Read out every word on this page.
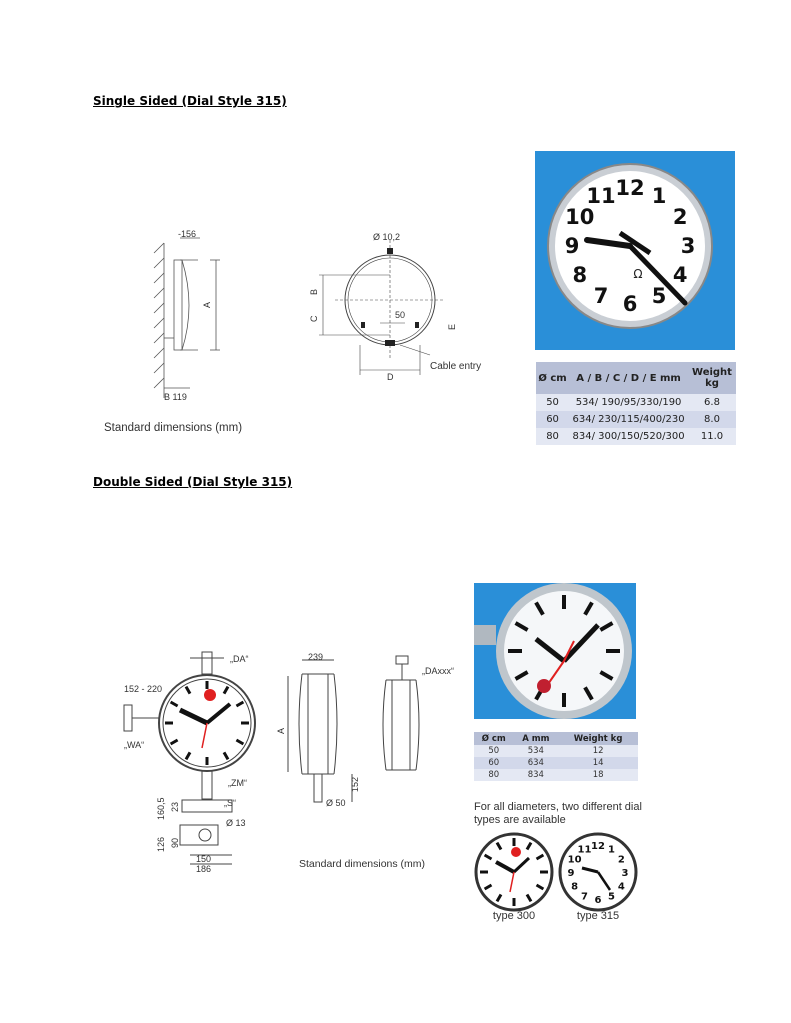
Single Sided (Dial Style 315)
A
-156
B 119
B
C
E
D
50
Ø 10,2
Cable entry
Standard dimensions (mm)
12 1
2
3
4
5
6
7
8
9
10
11
Ω
Ø cm	A / B / C / D / E mm	Weight kg
50	534/ 190/95/330/190	6.8
60	634/ 230/115/400/230	8.0
80	834/ 300/150/520/300	11.0
Double Sided (Dial Style 315)
„DA“
152 - 220
„WA“
„ZM“
„S“
Ø 13
160,5 23
126 90
150
186
239
A
152
Ø 50
„DAxxx“
Standard dimensions (mm)
Ø cm	A mm	Weight kg
50	534	12
60	634	14
80	834	18
For all diameters, two different dial types are available
type 300
12 1
2
3
4
5
6
7
8
9
10
11
type 315
